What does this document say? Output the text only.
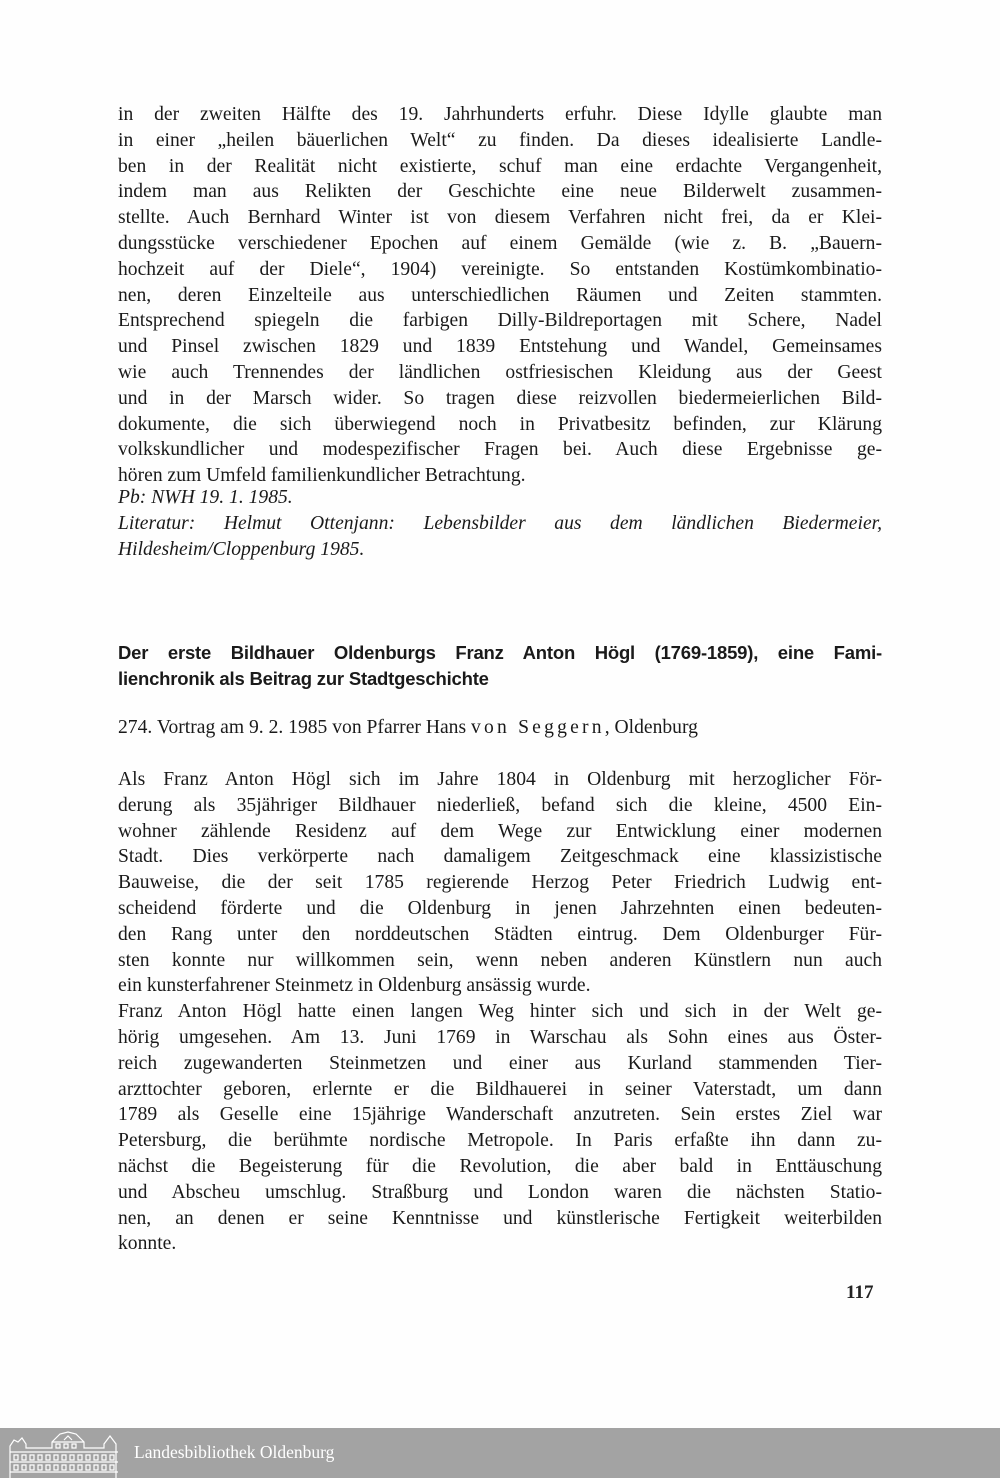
in der zweiten Hälfte des 19. Jahrhunderts erfuhr. Diese Idylle glaubte man
in einer „heilen bäuerlichen Welt“ zu finden. Da dieses idealisierte Landle-
ben in der Realität nicht existierte, schuf man eine erdachte Vergangenheit,
indem man aus Relikten der Geschichte eine neue Bilderwelt zusammen-
stellte. Auch Bernhard Winter ist von diesem Verfahren nicht frei, da er Klei-
dungsstücke verschiedener Epochen auf einem Gemälde (wie z. B. „Bauern-
hochzeit auf der Diele“, 1904) vereinigte. So entstanden Kostümkombinatio-
nen, deren Einzelteile aus unterschiedlichen Räumen und Zeiten stammten.
Entsprechend spiegeln die farbigen Dilly-Bildreportagen mit Schere, Nadel
und Pinsel zwischen 1829 und 1839 Entstehung und Wandel, Gemeinsames
wie auch Trennendes der ländlichen ostfriesischen Kleidung aus der Geest
und in der Marsch wider. So tragen diese reizvollen biedermeierlichen Bild-
dokumente, die sich überwiegend noch in Privatbesitz befinden, zur Klärung
volkskundlicher und modespezifischer Fragen bei. Auch diese Ergebnisse ge-
hören zum Umfeld familienkundlicher Betrachtung.

Pb: NWH 19. 1. 1985.
Literatur: Helmut Ottenjann: Lebensbilder aus dem ländlichen Biedermeier,
Hildesheim/Cloppenburg 1985.
Der erste Bildhauer Oldenburgs Franz Anton Högl (1769-1859), eine Fami-
lienchronik als Beitrag zur Stadtgeschichte
274. Vortrag am 9. 2. 1985 von Pfarrer Hans von Seggern, Oldenburg

Als Franz Anton Högl sich im Jahre 1804 in Oldenburg mit herzoglicher För-
derung als 35jähriger Bildhauer niederließ, befand sich die kleine, 4500 Ein-
wohner zählende Residenz auf dem Wege zur Entwicklung einer modernen
Stadt. Dies verkörperte nach damaligem Zeitgeschmack eine klassizistische
Bauweise, die der seit 1785 regierende Herzog Peter Friedrich Ludwig ent-
scheidend förderte und die Oldenburg in jenen Jahrzehnten einen bedeuten-
den Rang unter den norddeutschen Städten eintrug. Dem Oldenburger Für-
sten konnte nur willkommen sein, wenn neben anderen Künstlern nun auch
ein kunsterfahrener Steinmetz in Oldenburg ansässig wurde.

Franz Anton Högl hatte einen langen Weg hinter sich und sich in der Welt ge-
hörig umgesehen. Am 13. Juni 1769 in Warschau als Sohn eines aus Öster-
reich zugewanderten Steinmetzen und einer aus Kurland stammenden Tier-
arzttochter geboren, erlernte er die Bildhauerei in seiner Vaterstadt, um dann
1789 als Geselle eine 15jährige Wanderschaft anzutreten. Sein erstes Ziel war
Petersburg, die berühmte nordische Metropole. In Paris erfaßte ihn dann zu-
nächst die Begeisterung für die Revolution, die aber bald in Enttäuschung
und Abscheu umschlug. Straßburg und London waren die nächsten Statio-
nen, an denen er seine Kenntnisse und künstlerische Fertigkeit weiterbilden
konnte.

117
Landesbibliothek Oldenburg
